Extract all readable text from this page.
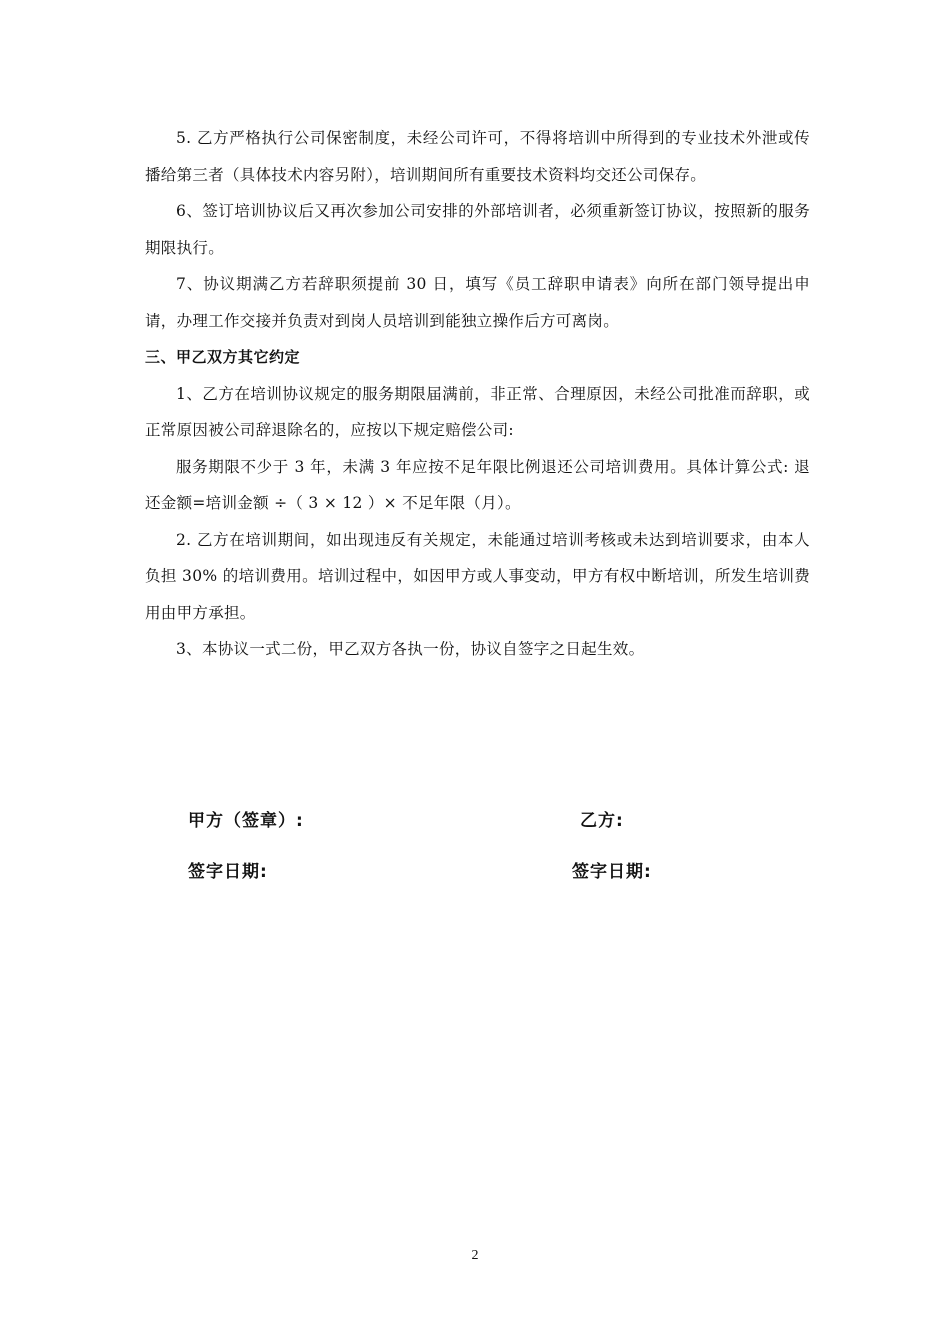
5. 乙方严格执行公司保密制度，未经公司许可，不得将培训中所得到的专业技术外泄或传播给第三者（具体技术内容另附），培训期间所有重要技术资料均交还公司保存。

6、签订培训协议后又再次参加公司安排的外部培训者，必须重新签订协议，按照新的服务期限执行。

7、协议期满乙方若辞职须提前 30 日，填写《员工辞职申请表》向所在部门领导提出申请，办理工作交接并负责对到岗人员培训到能独立操作后方可离岗。

三、甲乙双方其它约定

1、乙方在培训协议规定的服务期限届满前，非正常、合理原因，未经公司批准而辞职，或正常原因被公司辞退除名的，应按以下规定赔偿公司:

服务期限不少于 3 年，未满 3 年应按不足年限比例退还公司培训费用。具体计算公式: 退还金额=培训金额 ÷（ 3 × 12 ）× 不足年限（月）。

2. 乙方在培训期间，如出现违反有关规定，未能通过培训考核或未达到培训要求，由本人负担 30% 的培训费用。培训过程中，如因甲方或人事变动，甲方有权中断培训，所发生培训费用由甲方承担。

3、本协议一式二份，甲乙双方各执一份，协议自签字之日起生效。

甲方（签章）:	乙方:
签字日期:	签字日期:
2
